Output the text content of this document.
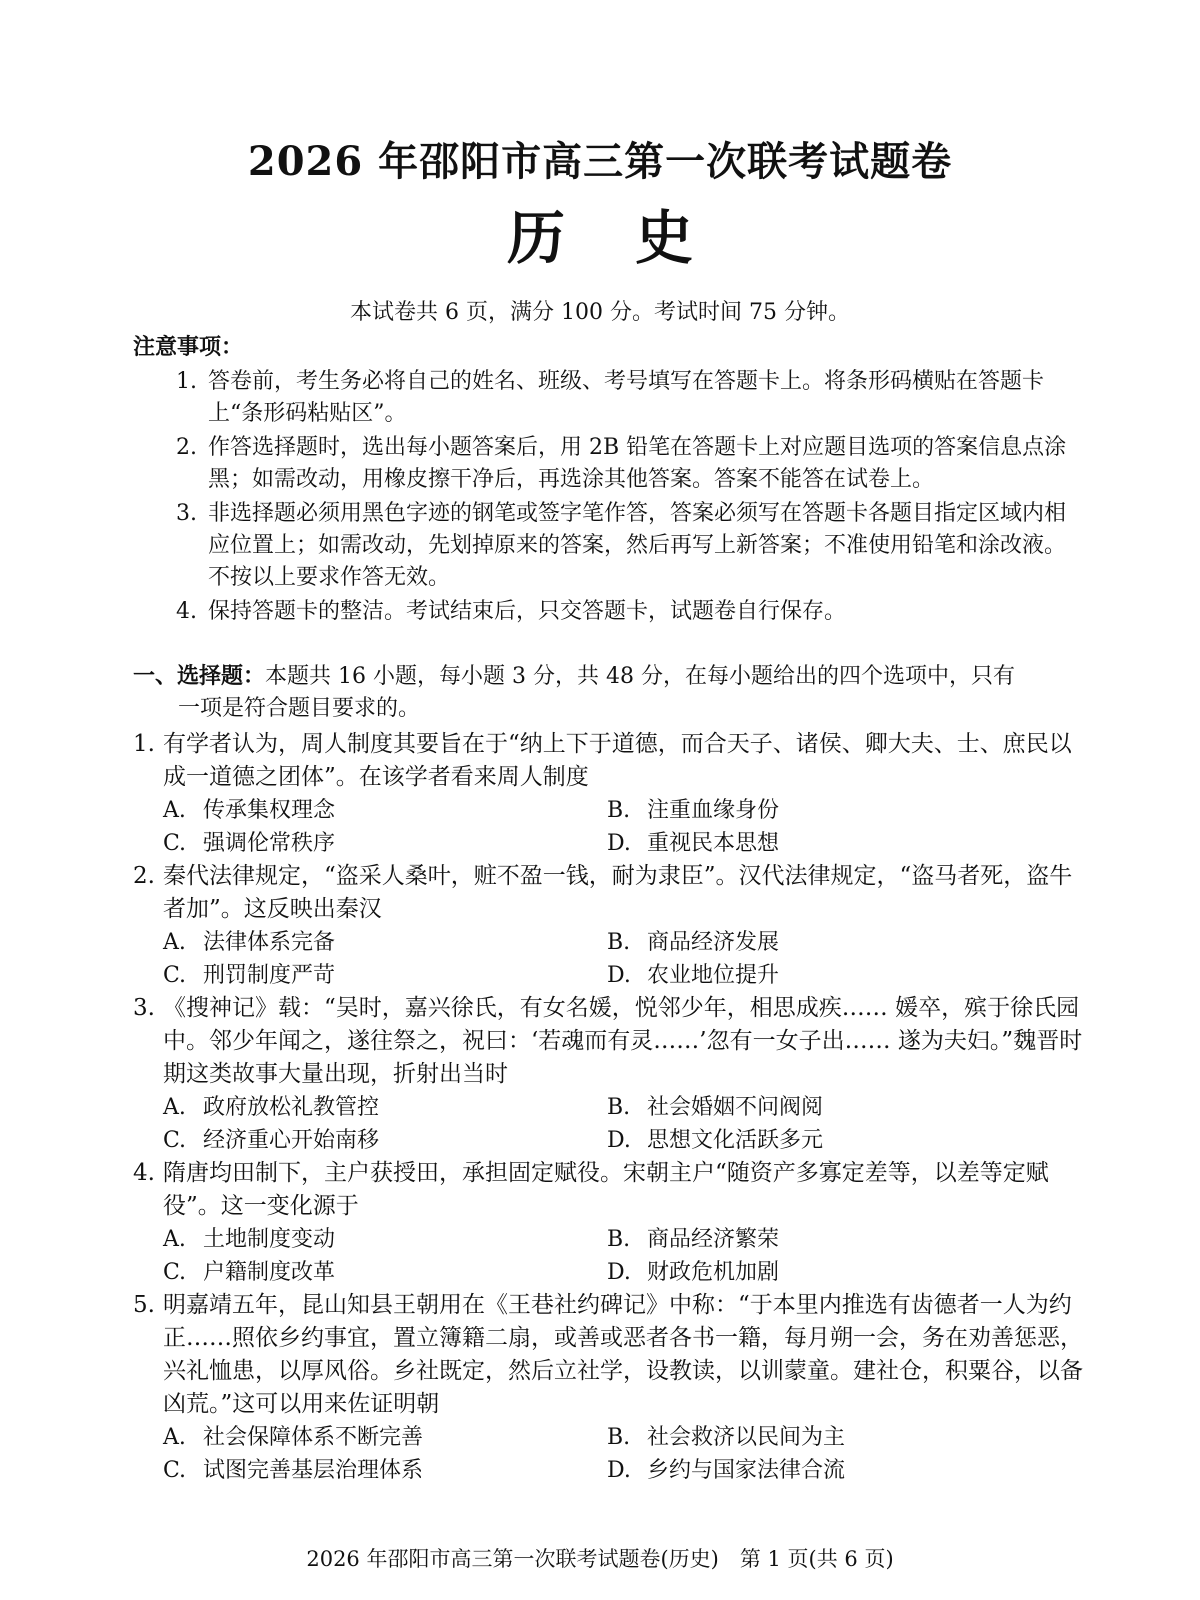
2026 年邵阳市高三第一次联考试题卷
历 史
本试卷共 6 页，满分 100 分。考试时间 75 分钟。
注意事项：
1. 答卷前，考生务必将自己的姓名、班级、考号填写在答题卡上。将条形码横贴在答题卡上“条形码粘贴区”。
2. 作答选择题时，选出每小题答案后，用 2B 铅笔在答题卡上对应题目选项的答案信息点涂黑；如需改动，用橡皮擦干净后，再选涂其他答案。答案不能答在试卷上。
3. 非选择题必须用黑色字迹的钢笔或签字笔作答，答案必须写在答题卡各题目指定区域内相应位置上；如需改动，先划掉原来的答案，然后再写上新答案；不准使用铅笔和涂改液。不按以上要求作答无效。
4. 保持答题卡的整洁。考试结束后，只交答题卡，试题卷自行保存。
一、选择题：本题共 16 小题，每小题 3 分，共 48 分，在每小题给出的四个选项中，只有
一项是符合题目要求的。
1. 有学者认为，周人制度其要旨在于“纳上下于道德，而合天子、诸侯、卿大夫、士、庶民以成一道德之团体”。在该学者看来周人制度
A. 传承集权理念	B. 注重血缘身份
C. 强调伦常秩序	D. 重视民本思想
2. 秦代法律规定，“盗采人桑叶，赃不盈一钱，耐为隶臣”。汉代法律规定，“盗马者死，盗牛者加”。这反映出秦汉
A. 法律体系完备	B. 商品经济发展
C. 刑罚制度严苛	D. 农业地位提升
3. 《搜神记》载：“吴时，嘉兴徐氏，有女名媛，悦邻少年，相思成疾…… 媛卒，殡于徐氏园中。邻少年闻之，遂往祭之，祝曰：‘若魂而有灵……’忽有一女子出…… 遂为夫妇。”魏晋时期这类故事大量出现，折射出当时
A. 政府放松礼教管控	B. 社会婚姻不问阀阅
C. 经济重心开始南移	D. 思想文化活跃多元
4. 隋唐均田制下，主户获授田，承担固定赋役。宋朝主户“随资产多寡定差等，以差等定赋役”。这一变化源于
A. 土地制度变动	B. 商品经济繁荣
C. 户籍制度改革	D. 财政危机加剧
5. 明嘉靖五年，昆山知县王朝用在《王巷社约碑记》中称：“于本里内推选有齿德者一人为约正……照依乡约事宜，置立簿籍二扇，或善或恶者各书一籍，每月朔一会，务在劝善惩恶，兴礼恤患，以厚风俗。乡社既定，然后立社学，设教读，以训蒙童。建社仓，积粟谷，以备凶荒。”这可以用来佐证明朝
A. 社会保障体系不断完善	B. 社会救济以民间为主
C. 试图完善基层治理体系	D. 乡约与国家法律合流
2026 年邵阳市高三第一次联考试题卷(历史)　第 1 页(共 6 页)
